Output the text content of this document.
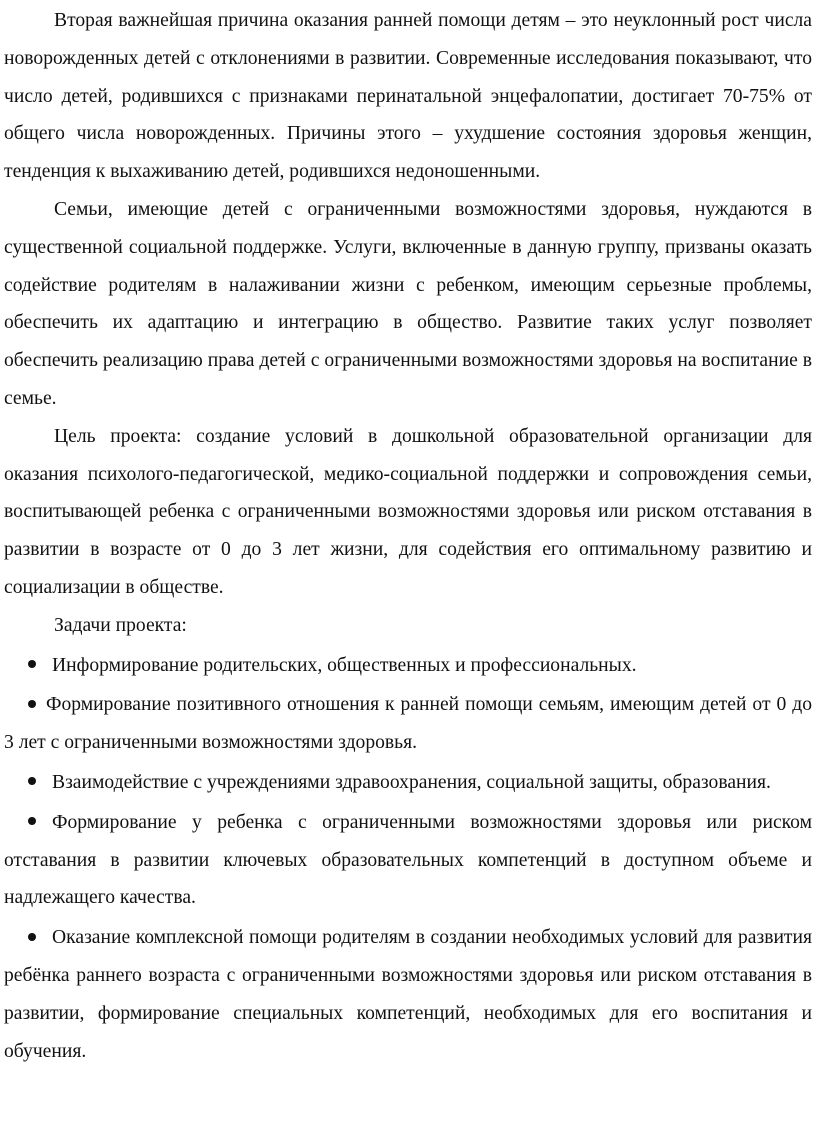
Вторая важнейшая причина оказания ранней помощи детям – это неуклонный рост числа новорожденных детей с отклонениями в развитии. Современные исследования показывают, что число детей, родившихся с признаками перинатальной энцефалопатии, достигает 70-75% от общего числа новорожденных. Причины этого – ухудшение состояния здоровья женщин, тенденция к выхаживанию детей, родившихся недоношенными.

Семьи, имеющие детей с ограниченными возможностями здоровья, нуждаются в существенной социальной поддержке. Услуги, включенные в данную группу, призваны оказать содействие родителям в налаживании жизни с ребенком, имеющим серьезные проблемы, обеспечить их адаптацию и интеграцию в общество. Развитие таких услуг позволяет обеспечить реализацию права детей с ограниченными возможностями здоровья на воспитание в семье.

Цель проекта: создание условий в дошкольной образовательной организации для оказания психолого-педагогической, медико-социальной поддержки и сопровождения семьи, воспитывающей ребенка с ограниченными возможностями здоровья или риском отставания в развитии в возрасте от 0 до 3 лет жизни, для содействия его оптимальному развитию и социализации в обществе.

Задачи проекта:

Информирование родительских, общественных и профессиональных.
Формирование позитивного отношения к ранней помощи семьям, имеющим детей от 0 до 3 лет с ограниченными возможностями здоровья.
Взаимодействие с учреждениями здравоохранения, социальной защиты, образования.
Формирование у ребенка с ограниченными возможностями здоровья или риском отставания в развитии ключевых образовательных компетенций в доступном объеме и надлежащего качества.
Оказание комплексной помощи родителям в создании необходимых условий для развития ребёнка раннего возраста с ограниченными возможностями здоровья или риском отставания в развитии, формирование специальных компетенций, необходимых для его воспитания и обучения.
